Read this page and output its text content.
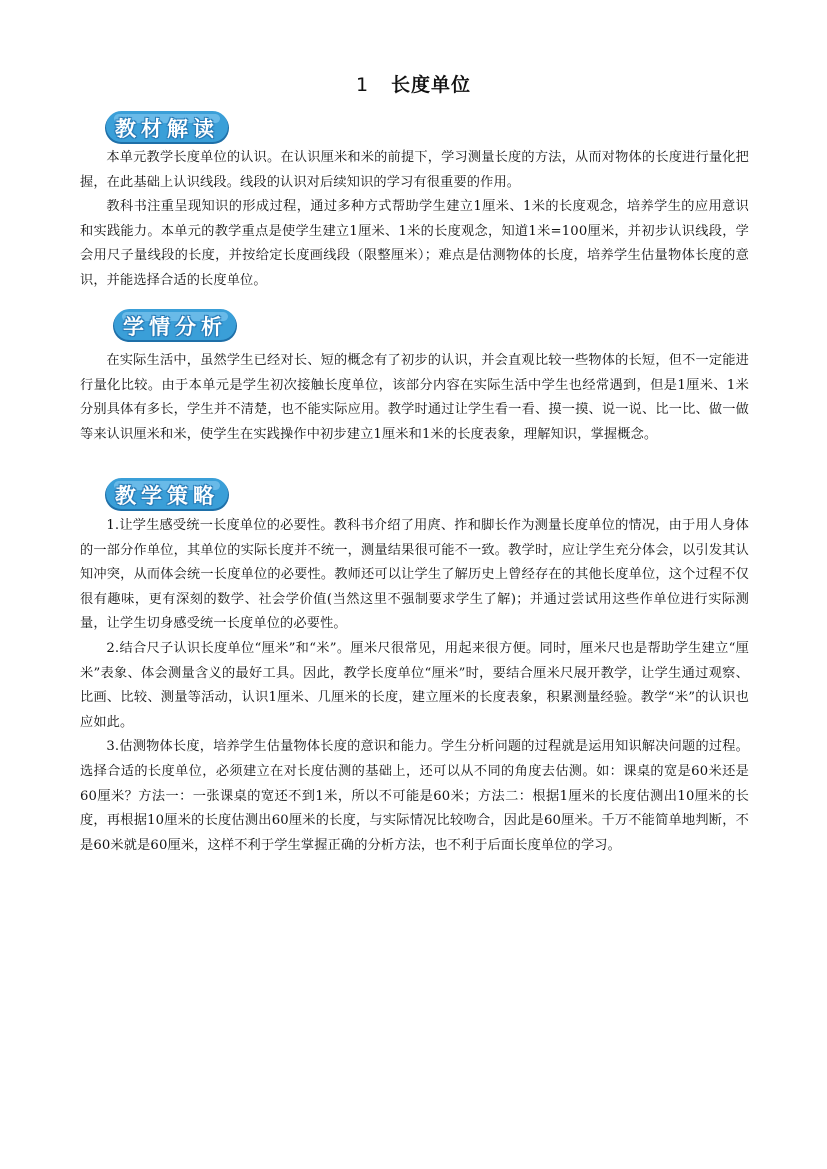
1 长度单位
教材解读

本单元教学长度单位的认识。在认识厘米和米的前提下，学习测量长度的方法，从而对物体的长度进行量化把握，在此基础上认识线段。线段的认识对后续知识的学习有很重要的作用。

教科书注重呈现知识的形成过程，通过多种方式帮助学生建立1厘米、1米的长度观念，培养学生的应用意识和实践能力。本单元的教学重点是使学生建立1厘米、1米的长度观念，知道1米=100厘米，并初步认识线段，学会用尺子量线段的长度，并按给定长度画线段（限整厘米）；难点是估测物体的长度，培养学生估量物体长度的意识，并能选择合适的长度单位。

学情分析

在实际生活中，虽然学生已经对长、短的概念有了初步的认识，并会直观比较一些物体的长短，但不一定能进行量化比较。由于本单元是学生初次接触长度单位，该部分内容在实际生活中学生也经常遇到，但是1厘米、1米分别具体有多长，学生并不清楚，也不能实际应用。教学时通过让学生看一看、摸一摸、说一说、比一比、做一做等来认识厘米和米，使学生在实践操作中初步建立1厘米和1米的长度表象，理解知识，掌握概念。

教学策略

1.让学生感受统一长度单位的必要性。教科书介绍了用庹、拃和脚长作为测量长度单位的情况，由于用人身体的一部分作单位，其单位的实际长度并不统一，测量结果很可能不一致。教学时，应让学生充分体会，以引发其认知冲突，从而体会统一长度单位的必要性。教师还可以让学生了解历史上曾经存在的其他长度单位，这个过程不仅很有趣味，更有深刻的数学、社会学价值(当然这里不强制要求学生了解)；并通过尝试用这些作单位进行实际测量，让学生切身感受统一长度单位的必要性。

2.结合尺子认识长度单位“厘米”和“米”。厘米尺很常见，用起来很方便。同时，厘米尺也是帮助学生建立“厘米”表象、体会测量含义的最好工具。因此，教学长度单位“厘米”时，要结合厘米尺展开教学，让学生通过观察、比画、比较、测量等活动，认识1厘米、几厘米的长度，建立厘米的长度表象，积累测量经验。教学“米”的认识也应如此。

3.估测物体长度，培养学生估量物体长度的意识和能力。学生分析问题的过程就是运用知识解决问题的过程。选择合适的长度单位，必须建立在对长度估测的基础上，还可以从不同的角度去估测。如：课桌的宽是60米还是60厘米？方法一：一张课桌的宽还不到1米，所以不可能是60米；方法二：根据1厘米的长度估测出10厘米的长度，再根据10厘米的长度估测出60厘米的长度，与实际情况比较吻合，因此是60厘米。千万不能简单地判断，不是60米就是60厘米，这样不利于学生掌握正确的分析方法，也不利于后面长度单位的学习。
